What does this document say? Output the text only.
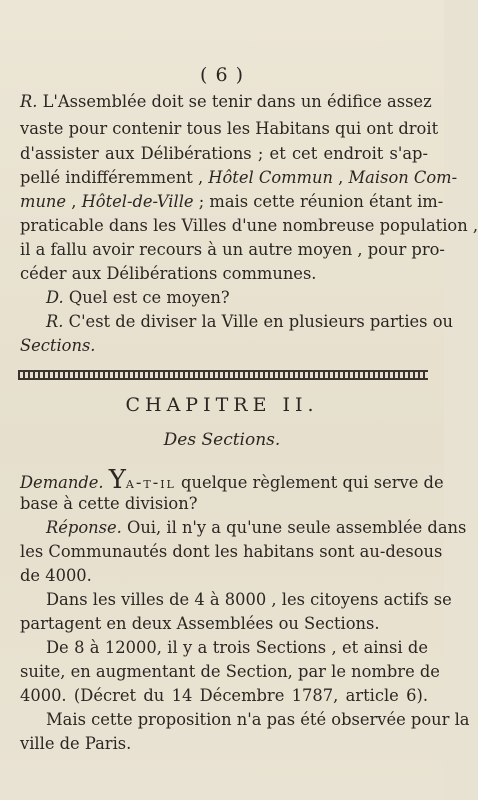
( 6 )
R. L'Assemblée doit se tenir dans un édifice assez
vaste pour contenir tous les Habitans qui ont droit
d'assister aux Délibérations ; et cet endroit s'ap-
pellé indifféremment , Hôtel Commun , Maison Com-
mune , Hôtel-de-Ville ; mais cette réunion étant im-
praticable dans les Villes d'une nombreuse population ,
il a fallu avoir recours à un autre moyen , pour pro-
céder aux Délibérations communes.
D. Quel est ce moyen?
R. C'est de diviser la Ville en plusieurs parties ou
Sections.
CHAPITRE II.
Des Sections.
Demande. Ya-t-il quelque règlement qui serve de
base à cette division?
Réponse. Oui, il n'y a qu'une seule assemblée dans
les Communautés dont les habitans sont au-desous
de 4000.
Dans les villes de 4 à 8000 , les citoyens actifs se
partagent en deux Assemblées ou Sections.
De 8 à 12000, il y a trois Sections , et ainsi de
suite, en augmentant de Section, par le nombre de
4000. (Décret du 14 Décembre 1787, article 6).
Mais cette proposition n'a pas été observée pour la
ville de Paris.
